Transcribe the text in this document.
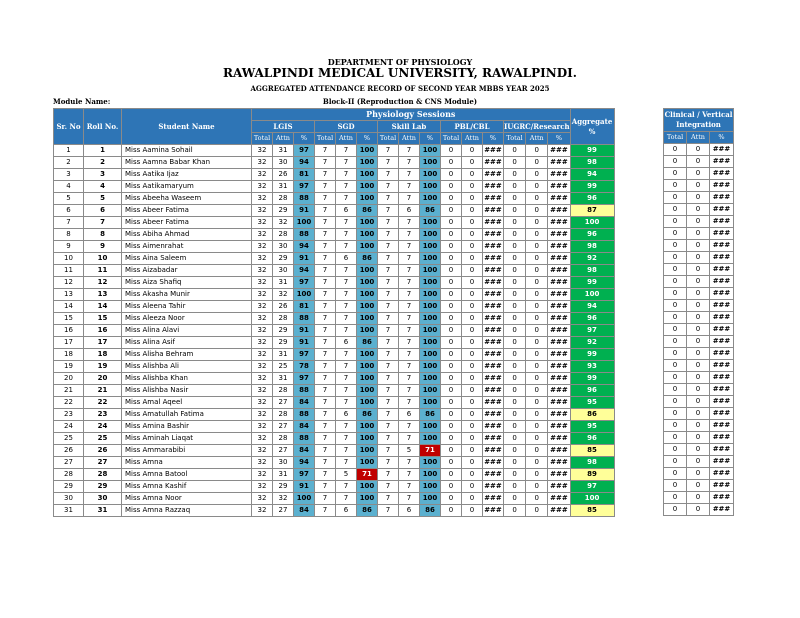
DEPARTMENT OF PHYSIOLOGY
RAWALPINDI MEDICAL UNIVERSITY, RAWALPINDI.
AGGREGATED ATTENDANCE RECORD OF SECOND YEAR MBBS YEAR 2025
Block-II (Reproduction & CNS Module)
Module Name:
Sr. No	Roll No.	Student Name	Physiology Sessions															Aggregate %
			LGIS			SGD			Skill Lab			PBL/CBL			IUGRC/Research			
			Total	Attn	%	Total	Attn	%	Total	Attn	%	Total	Attn	%	Total	Attn	%	
1	1	Miss Aamina Sohail	32	31	97	7	7	100	7	7	100	0	0	###	0	0	###	99
2	2	Miss Aamna Babar Khan	32	30	94	7	7	100	7	7	100	0	0	###	0	0	###	98
3	3	Miss Aatika Ijaz	32	26	81	7	7	100	7	7	100	0	0	###	0	0	###	94
4	4	Miss Aatikamaryum	32	31	97	7	7	100	7	7	100	0	0	###	0	0	###	99
5	5	Miss Abeeha Waseem	32	28	88	7	7	100	7	7	100	0	0	###	0	0	###	96
6	6	Miss Abeer Fatima	32	29	91	7	6	86	7	6	86	0	0	###	0	0	###	87
7	7	Miss Abeer Fatima	32	32	100	7	7	100	7	7	100	0	0	###	0	0	###	100
8	8	Miss Abiha Ahmad	32	28	88	7	7	100	7	7	100	0	0	###	0	0	###	96
9	9	Miss Aimenrahat	32	30	94	7	7	100	7	7	100	0	0	###	0	0	###	98
10	10	Miss Aina Saleem	32	29	91	7	6	86	7	7	100	0	0	###	0	0	###	92
11	11	Miss Aizabadar	32	30	94	7	7	100	7	7	100	0	0	###	0	0	###	98
12	12	Miss Aiza Shafiq	32	31	97	7	7	100	7	7	100	0	0	###	0	0	###	99
13	13	Miss Akasha Munir	32	32	100	7	7	100	7	7	100	0	0	###	0	0	###	100
14	14	Miss Aleena Tahir	32	26	81	7	7	100	7	7	100	0	0	###	0	0	###	94
15	15	Miss Aleeza Noor	32	28	88	7	7	100	7	7	100	0	0	###	0	0	###	96
16	16	Miss Alina Alavi	32	29	91	7	7	100	7	7	100	0	0	###	0	0	###	97
17	17	Miss Alina Asif	32	29	91	7	6	86	7	7	100	0	0	###	0	0	###	92
18	18	Miss Alisha Behram	32	31	97	7	7	100	7	7	100	0	0	###	0	0	###	99
19	19	Miss Alishba Ali	32	25	78	7	7	100	7	7	100	0	0	###	0	0	###	93
20	20	Miss Alishba Khan	32	31	97	7	7	100	7	7	100	0	0	###	0	0	###	99
21	21	Miss Alishba Nasir	32	28	88	7	7	100	7	7	100	0	0	###	0	0	###	96
22	22	Miss Amal Aqeel	32	27	84	7	7	100	7	7	100	0	0	###	0	0	###	95
23	23	Miss Amatullah Fatima	32	28	88	7	6	86	7	6	86	0	0	###	0	0	###	86
24	24	Miss Amina Bashir	32	27	84	7	7	100	7	7	100	0	0	###	0	0	###	95
25	25	Miss Aminah Liaqat	32	28	88	7	7	100	7	7	100	0	0	###	0	0	###	96
26	26	Miss Ammarabibi	32	27	84	7	7	100	7	5	71	0	0	###	0	0	###	85
27	27	Miss Amna	32	30	94	7	7	100	7	7	100	0	0	###	0	0	###	98
28	28	Miss Amna Batool	32	31	97	7	5	71	7	7	100	0	0	###	0	0	###	89
29	29	Miss Amna Kashif	32	29	91	7	7	100	7	7	100	0	0	###	0	0	###	97
30	30	Miss Amna Noor	32	32	100	7	7	100	7	7	100	0	0	###	0	0	###	100
31	31	Miss Amna Razzaq	32	27	84	7	6	86	7	6	86	0	0	###	0	0	###	85
Clinical / Vertical Integration		

Total	Attn	%
0	0	###
0	0	###
0	0	###
0	0	###
0	0	###
0	0	###
0	0	###
0	0	###
0	0	###
0	0	###
0	0	###
0	0	###
0	0	###
0	0	###
0	0	###
0	0	###
0	0	###
0	0	###
0	0	###
0	0	###
0	0	###
0	0	###
0	0	###
0	0	###
0	0	###
0	0	###
0	0	###
0	0	###
0	0	###
0	0	###
0	0	###
